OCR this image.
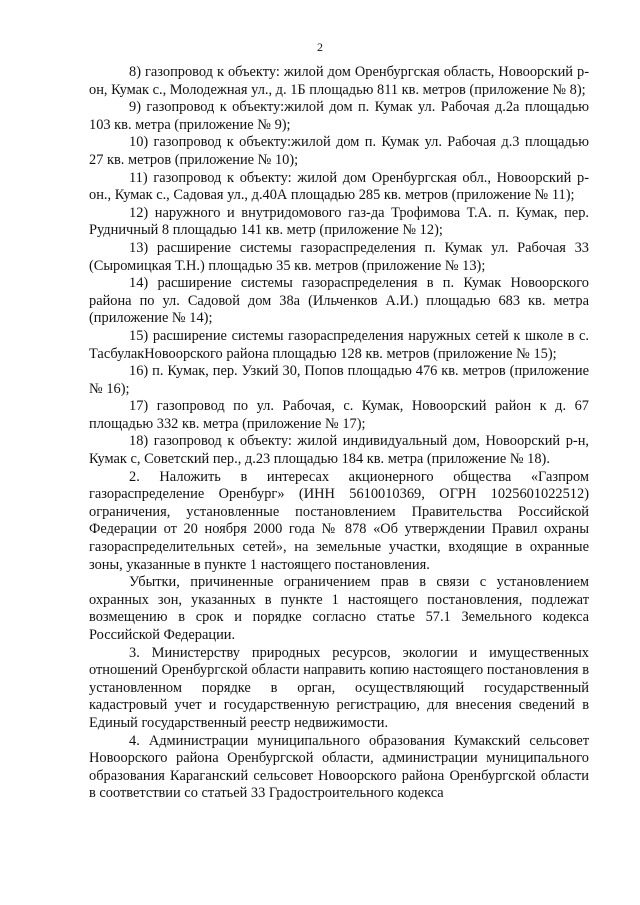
2

8) газопровод к объекту: жилой дом Оренбургская область, Новоорский р-он, Кумак с., Молодежная ул., д. 1Б площадью 811 кв. метров (приложение № 8);

9) газопровод к объекту:жилой дом п. Кумак ул. Рабочая д.2а площадью 103 кв. метра (приложение № 9);

10) газопровод к объекту:жилой дом п. Кумак ул. Рабочая д.3 площадью 27 кв. метров (приложение № 10);

11) газопровод к объекту: жилой дом Оренбургская обл., Новоорский р-он., Кумак с., Садовая ул., д.40А площадью 285 кв. метров (приложение № 11);

12) наружного и внутридомового газ-да Трофимова Т.А. п. Кумак, пер. Рудничный 8 площадью 141 кв. метр (приложение № 12);

13) расширение системы газораспределения п. Кумак ул. Рабочая 33 (Сыромицкая Т.Н.) площадью 35 кв. метров (приложение № 13);

14) расширение системы газораспределения в п. Кумак Новоорского района по ул. Садовой дом 38а (Ильченков А.И.) площадью 683 кв. метра (приложение № 14);

15) расширение системы газораспределения наружных сетей к школе в с. ТасбулакНовоорского района площадью 128 кв. метров (приложение № 15);

16) п. Кумак, пер. Узкий 30, Попов площадью 476 кв. метров (приложение № 16);

17) газопровод по ул. Рабочая, с. Кумак, Новоорский район к д. 67 площадью 332 кв. метра (приложение № 17);

18) газопровод к объекту: жилой индивидуальный дом, Новоорский р-н, Кумак с, Советский пер., д.23 площадью 184 кв. метра (приложение № 18).

2. Наложить в интересах акционерного общества «Газпром газораспределение Оренбург» (ИНН 5610010369, ОГРН 1025601022512) ограничения, установленные постановлением Правительства Российской Федерации от 20 ноября 2000 года № 878 «Об утверждении Правил охраны газораспределительных сетей», на земельные участки, входящие в охранные зоны, указанные в пункте 1 настоящего постановления.

Убытки, причиненные ограничением прав в связи с установлением охранных зон, указанных в пункте 1 настоящего постановления, подлежат возмещению в срок и порядке согласно статье 57.1 Земельного кодекса Российской Федерации.

3. Министерству природных ресурсов, экологии и имущественных отношений Оренбургской области направить копию настоящего постановления в установленном порядке в орган, осуществляющий государственный кадастровый учет и государственную регистрацию, для внесения сведений в Единый государственный реестр недвижимости.

4. Администрации муниципального образования Кумакский сельсовет Новоорского района Оренбургской области, администрации муниципального образования Караганский сельсовет Новоорского района Оренбургской области в соответствии со статьей 33 Градостроительного кодекса
